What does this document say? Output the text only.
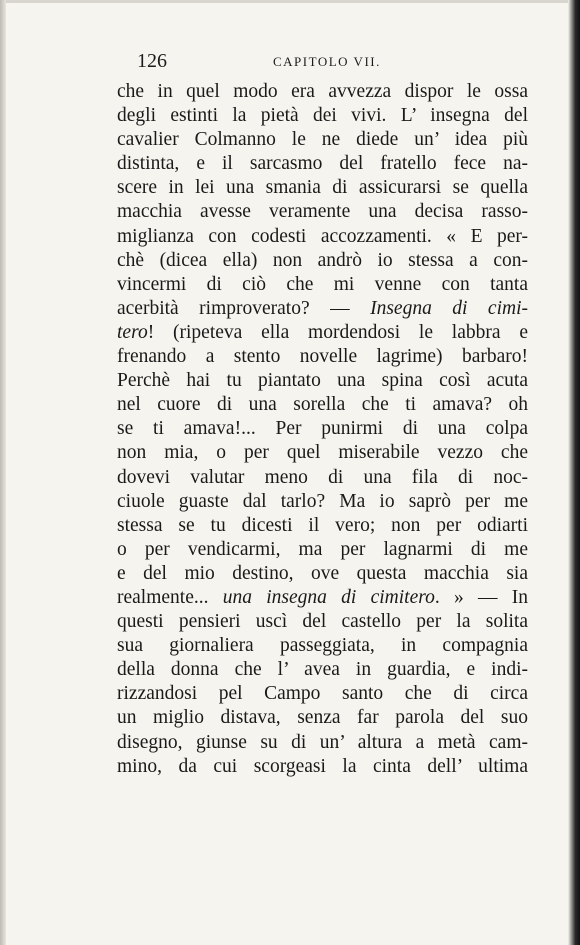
126	CAPITOLO VII.
che in quel modo era avvezza dispor le ossa
degli estinti la pietà dei vivi. L’ insegna del
cavalier Colmanno le ne diede un’ idea più
distinta, e il sarcasmo del fratello fece na-
scere in lei una smania di assicurarsi se quella
macchia avesse veramente una decisa rasso-
miglianza con codesti accozzamenti. « E per-
chè (dicea ella) non andrò io stessa a con-
vincermi di ciò che mi venne con tanta
acerbità rimproverato? — Insegna di cimi-
tero! (ripeteva ella mordendosi le labbra e
frenando a stento novelle lagrime) barbaro!
Perchè hai tu piantato una spina così acuta
nel cuore di una sorella che ti amava? oh
se ti amava!... Per punirmi di una colpa
non mia, o per quel miserabile vezzo che
dovevi valutar meno di una fila di noc-
ciuole guaste dal tarlo? Ma io saprò per me
stessa se tu dicesti il vero; non per odiarti
o per vendicarmi, ma per lagnarmi di me
e del mio destino, ove questa macchia sia
realmente... una insegna di cimitero. » — In
questi pensieri uscì del castello per la solita
sua giornaliera passeggiata, in compagnia
della donna che l’ avea in guardia, e indi-
rizzandosi pel Campo santo che di circa
un miglio distava, senza far parola del suo
disegno, giunse su di un’ altura a metà cam-
mino, da cui scorgeasi la cinta dell’ ultima
